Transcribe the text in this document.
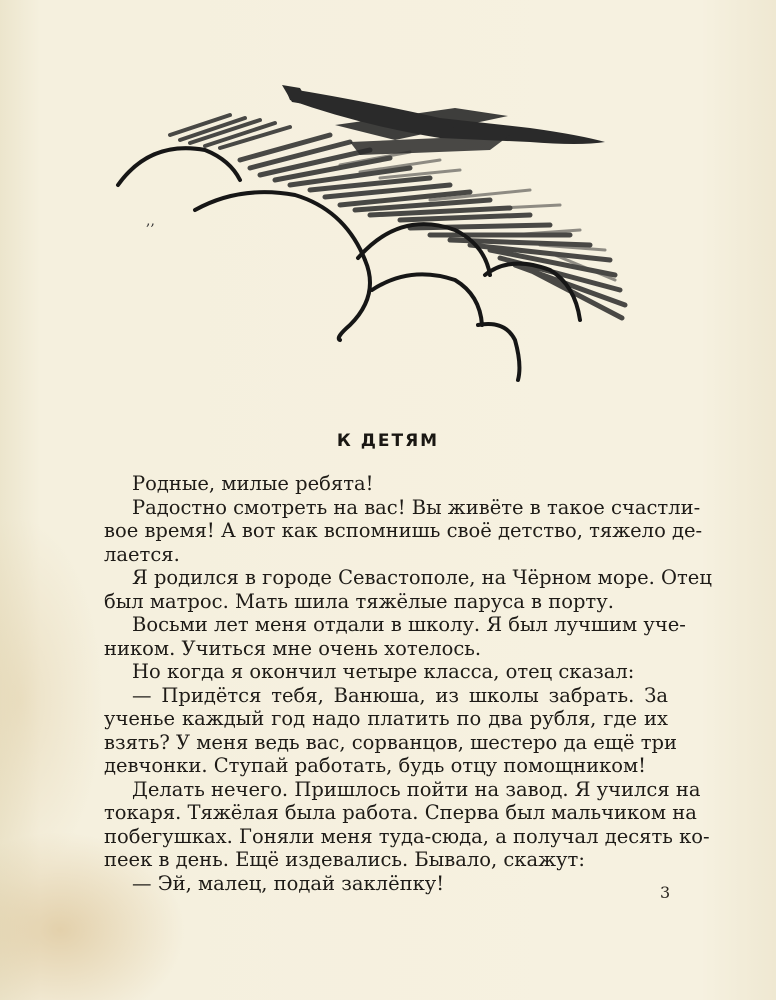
,,
К ДЕТЯМ
Родные, милые ребята!
Радостно смотреть на вас! Вы живёте в такое счастли-
вое время! А вот как вспомнишь своё детство, тяжело де-
лается.
Я родился в городе Севастополе, на Чёрном море. Отец
был матрос. Мать шила тяжёлые паруса в порту.
Восьми лет меня отдали в школу. Я был лучшим уче-
ником. Учиться мне очень хотелось.
Но когда я окончил четыре класса, отец сказал:
— Придётся тебя, Ванюша, из школы забрать. За
ученье каждый год надо платить по два рубля, где их
взять? У меня ведь вас, сорванцов, шестеро да ещё три
девчонки. Ступай работать, будь отцу помощником!
Делать нечего. Пришлось пойти на завод. Я учился на
токаря. Тяжёлая была работа. Сперва был мальчиком на
побегушках. Гоняли меня туда-сюда, а получал десять ко-
пеек в день. Ещё издевались. Бывало, скажут:
— Эй, малец, подай заклёпку!	3
